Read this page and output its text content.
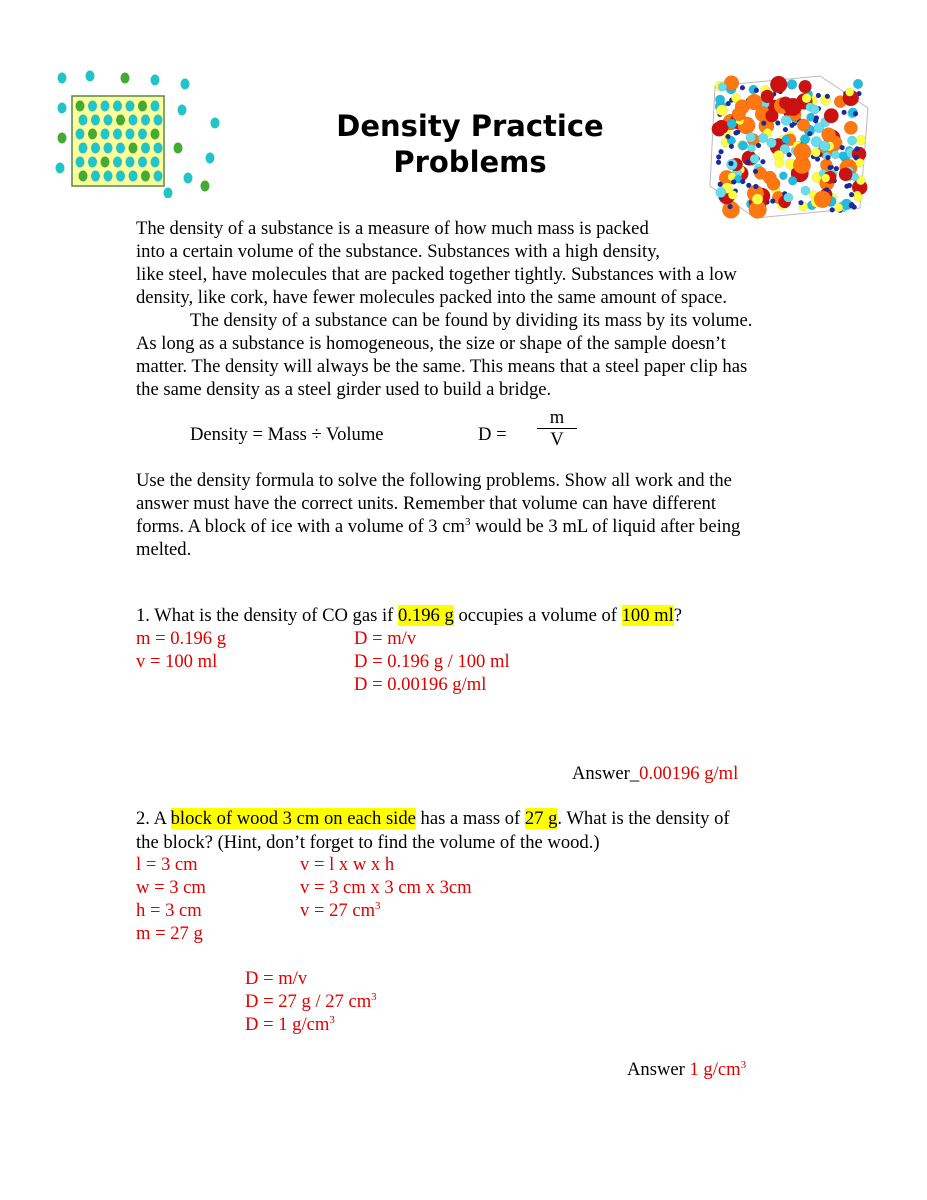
Density Practice
Problems
The density of a substance is a measure of how much mass is packed
into a certain volume of the substance. Substances with a high density,
like steel, have molecules that are packed together tightly. Substances with a low
density, like cork, have fewer molecules packed into the same amount of space.
The density of a substance can be found by dividing its mass by its volume.
As long as a substance is homogeneous, the size or shape of the sample doesn’t
matter. The density will always be the same. This means that a steel paper clip has
the same density as a steel girder used to build a bridge.
Density = Mass ÷ Volume	$D = \frac{m}{V}$
Use the density formula to solve the following problems. Show all work and the
answer must have the correct units. Remember that volume can have different
forms. A block of ice with a volume of 3 $cm^3$ would be 3 mL of liquid after being
melted.
1. What is the density of CO gas if 0.196 g occupies a volume of 100 ml?
m = 0.196 g
v = 100 ml
D = m/v
D = 0.196 g / 100 ml
D = 0.00196 g/ml
Answer_0.00196 g/ml
2. A block of wood 3 cm on each side has a mass of 27 g. What is the density of
the block? (Hint, don’t forget to find the volume of the wood.)
l = 3 cm
w = 3 cm
h = 3 cm
m = 27 g
v = l x w x h
v = 3 cm x 3 cm x 3cm
v = 27 $cm^3$
D = m/v
D = 27 g / 27 $cm^3$
D = 1 $g/cm^3$
Answer 1 $g/cm^3$
